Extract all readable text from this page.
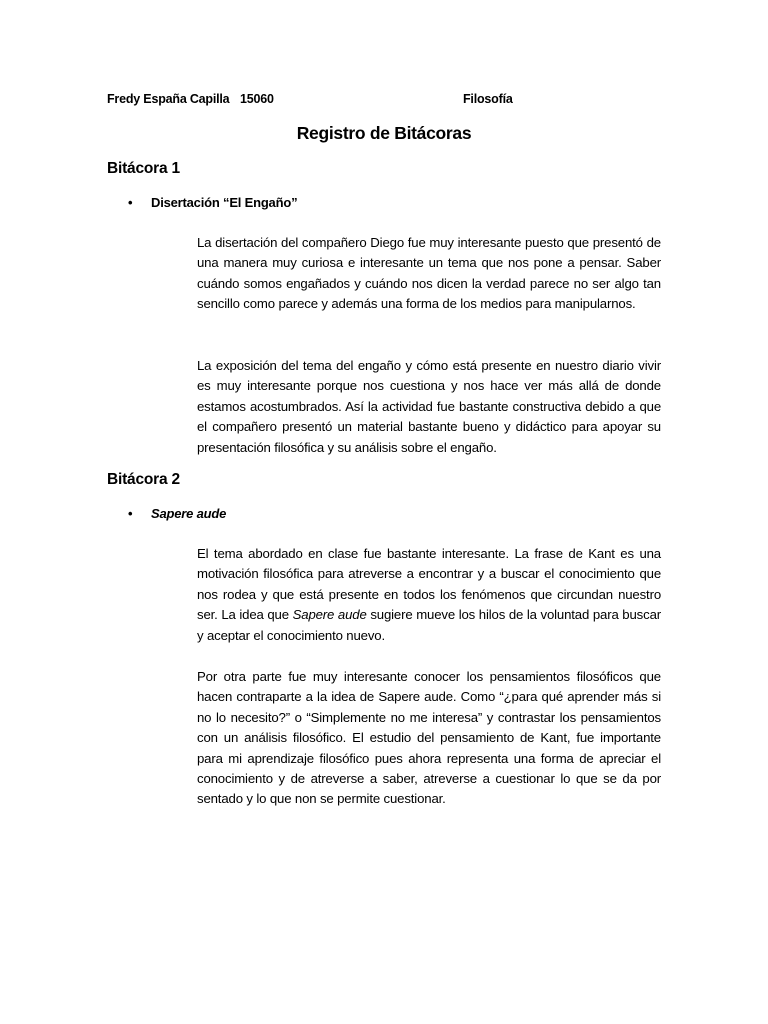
Fredy España Capilla 15060	Filosofía
Registro de Bitácoras
Bitácora 1
• Disertación “El Engaño”

La disertación del compañero Diego fue muy interesante puesto que presentó de una manera muy curiosa e interesante un tema que nos pone a pensar. Saber cuándo somos engañados y cuándo nos dicen la verdad parece no ser algo tan sencillo como parece y además una forma de los medios para manipularnos.

La exposición del tema del engaño y cómo está presente en nuestro diario vivir es muy interesante porque nos cuestiona y nos hace ver más allá de donde estamos acostumbrados. Así la actividad fue bastante constructiva debido a que el compañero presentó un material bastante bueno y didáctico para apoyar su presentación filosófica y su análisis sobre el engaño.

Bitácora 2
• Sapere aude

El tema abordado en clase fue bastante interesante. La frase de Kant es una motivación filosófica para atreverse a encontrar y a buscar el conocimiento que nos rodea y que está presente en todos los fenómenos que circundan nuestro ser. La idea que Sapere aude sugiere mueve los hilos de la voluntad para buscar y aceptar el conocimiento nuevo.

Por otra parte fue muy interesante conocer los pensamientos filosóficos que hacen contraparte a la idea de Sapere aude. Como “¿para qué aprender más si no lo necesito?” o “Simplemente no me interesa” y contrastar los pensamientos con un análisis filosófico. El estudio del pensamiento de Kant, fue importante para mi aprendizaje filosófico pues ahora representa una forma de apreciar el conocimiento y de atreverse a saber, atreverse a cuestionar lo que se da por sentado y lo que non se permite cuestionar.
